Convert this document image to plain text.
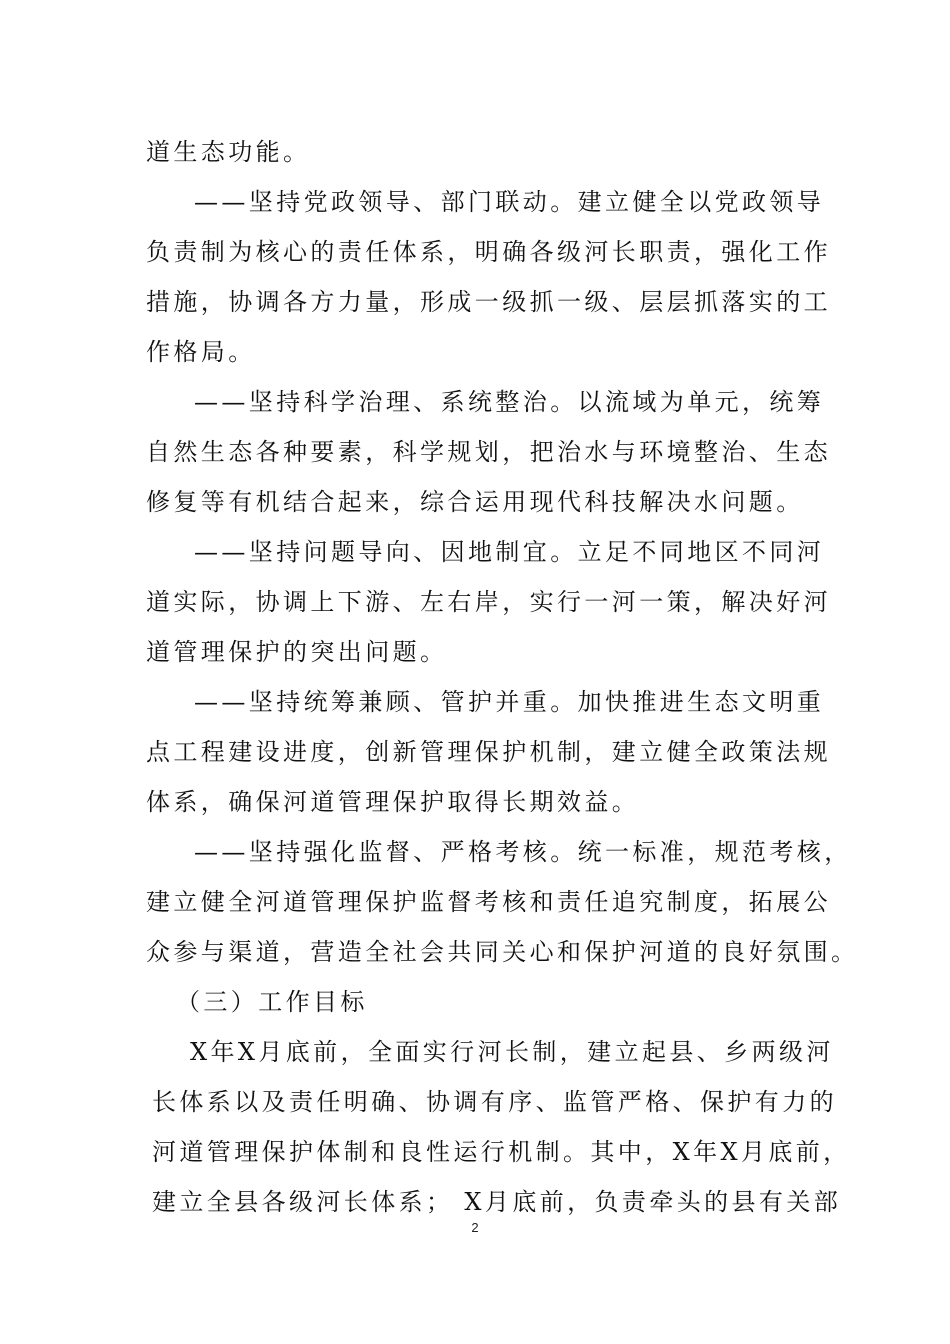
道生态功能。
——坚持党政领导、部门联动。建立健全以党政领导
负责制为核心的责任体系，明确各级河长职责，强化工作
措施，协调各方力量，形成一级抓一级、层层抓落实的工
作格局。
——坚持科学治理、系统整治。以流域为单元，统筹
自然生态各种要素，科学规划，把治水与环境整治、生态
修复等有机结合起来，综合运用现代科技解决水问题。
——坚持问题导向、因地制宜。立足不同地区不同河
道实际，协调上下游、左右岸，实行一河一策，解决好河
道管理保护的突出问题。
——坚持统筹兼顾、管护并重。加快推进生态文明重
点工程建设进度，创新管理保护机制，建立健全政策法规
体系，确保河道管理保护取得长期效益。
——坚持强化监督、严格考核。统一标准，规范考核，
建立健全河道管理保护监督考核和责任追究制度，拓展公
众参与渠道，营造全社会共同关心和保护河道的良好氛围。
（三）工作目标
X年X月底前，全面实行河长制，建立起县、乡两级河
长体系以及责任明确、协调有序、监管严格、保护有力的
河道管理保护体制和良性运行机制。其中，X年X月底前，
建立全县各级河长体系； X月底前，负责牵头的县有关部
2
